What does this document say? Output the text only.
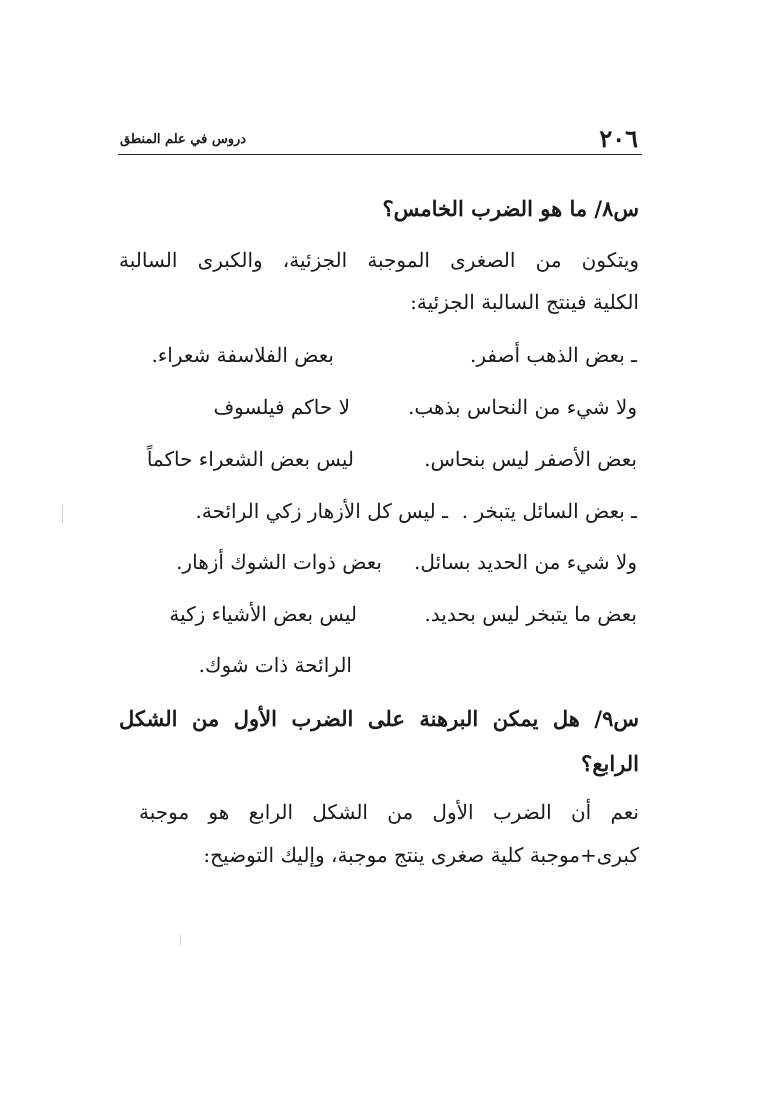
٢٠٦
دروس في علم المنطق
س٨/ ما هو الضرب الخامس؟
ويتكون من الصغرى الموجبة الجزئية، والكبرى السالبة
الكلية فينتج السالبة الجزئية:
ـ بعض الذهب أصفر.
ولا شيء من النحاس بذهب.
بعض الأصفر ليس بنحاس.
ـ بعض السائل يتبخر .
ولا شيء من الحديد بسائل.
بعض ما يتبخر ليس بحديد.
بعض الفلاسفة شعراء.
لا حاكم فيلسوف
ليس بعض الشعراء حاكماً
ـ ليس كل الأزهار زكي الرائحة.
بعض ذوات الشوك أزهار.
ليس بعض الأشياء زكية
الرائحة ذات شوك.
س٩/ هل يمكن البرهنة على الضرب الأول من الشكل
الرابع؟
نعم أن الضرب الأول من الشكل الرابع هو موجبة
كبرى+موجبة كلية صغرى ينتج موجبة، وإليك التوضيح:
